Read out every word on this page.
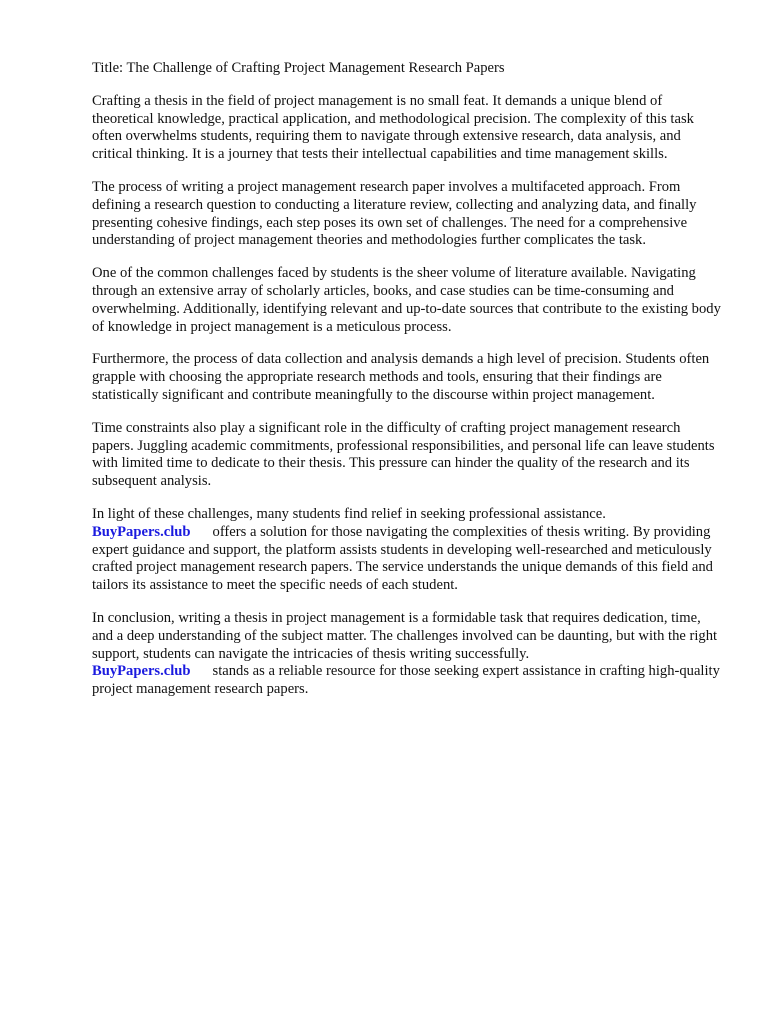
Title: The Challenge of Crafting Project Management Research Papers
Crafting a thesis in the field of project management is no small feat. It demands a unique blend of theoretical knowledge, practical application, and methodological precision. The complexity of this task often overwhelms students, requiring them to navigate through extensive research, data analysis, and critical thinking. It is a journey that tests their intellectual capabilities and time management skills.
The process of writing a project management research paper involves a multifaceted approach. From defining a research question to conducting a literature review, collecting and analyzing data, and finally presenting cohesive findings, each step poses its own set of challenges. The need for a comprehensive understanding of project management theories and methodologies further complicates the task.
One of the common challenges faced by students is the sheer volume of literature available. Navigating through an extensive array of scholarly articles, books, and case studies can be time-consuming and overwhelming. Additionally, identifying relevant and up-to-date sources that contribute to the existing body of knowledge in project management is a meticulous process.
Furthermore, the process of data collection and analysis demands a high level of precision. Students often grapple with choosing the appropriate research methods and tools, ensuring that their findings are statistically significant and contribute meaningfully to the discourse within project management.
Time constraints also play a significant role in the difficulty of crafting project management research papers. Juggling academic commitments, professional responsibilities, and personal life can leave students with limited time to dedicate to their thesis. This pressure can hinder the quality of the research and its subsequent analysis.
In light of these challenges, many students find relief in seeking professional assistance.
BuyPapers.club offers a solution for those navigating the complexities of thesis writing. By providing expert guidance and support, the platform assists students in developing well-researched and meticulously crafted project management research papers. The service understands the unique demands of this field and tailors its assistance to meet the specific needs of each student.
In conclusion, writing a thesis in project management is a formidable task that requires dedication, time, and a deep understanding of the subject matter. The challenges involved can be daunting, but with the right support, students can navigate the intricacies of thesis writing successfully.
BuyPapers.club stands as a reliable resource for those seeking expert assistance in crafting high-quality project management research papers.
